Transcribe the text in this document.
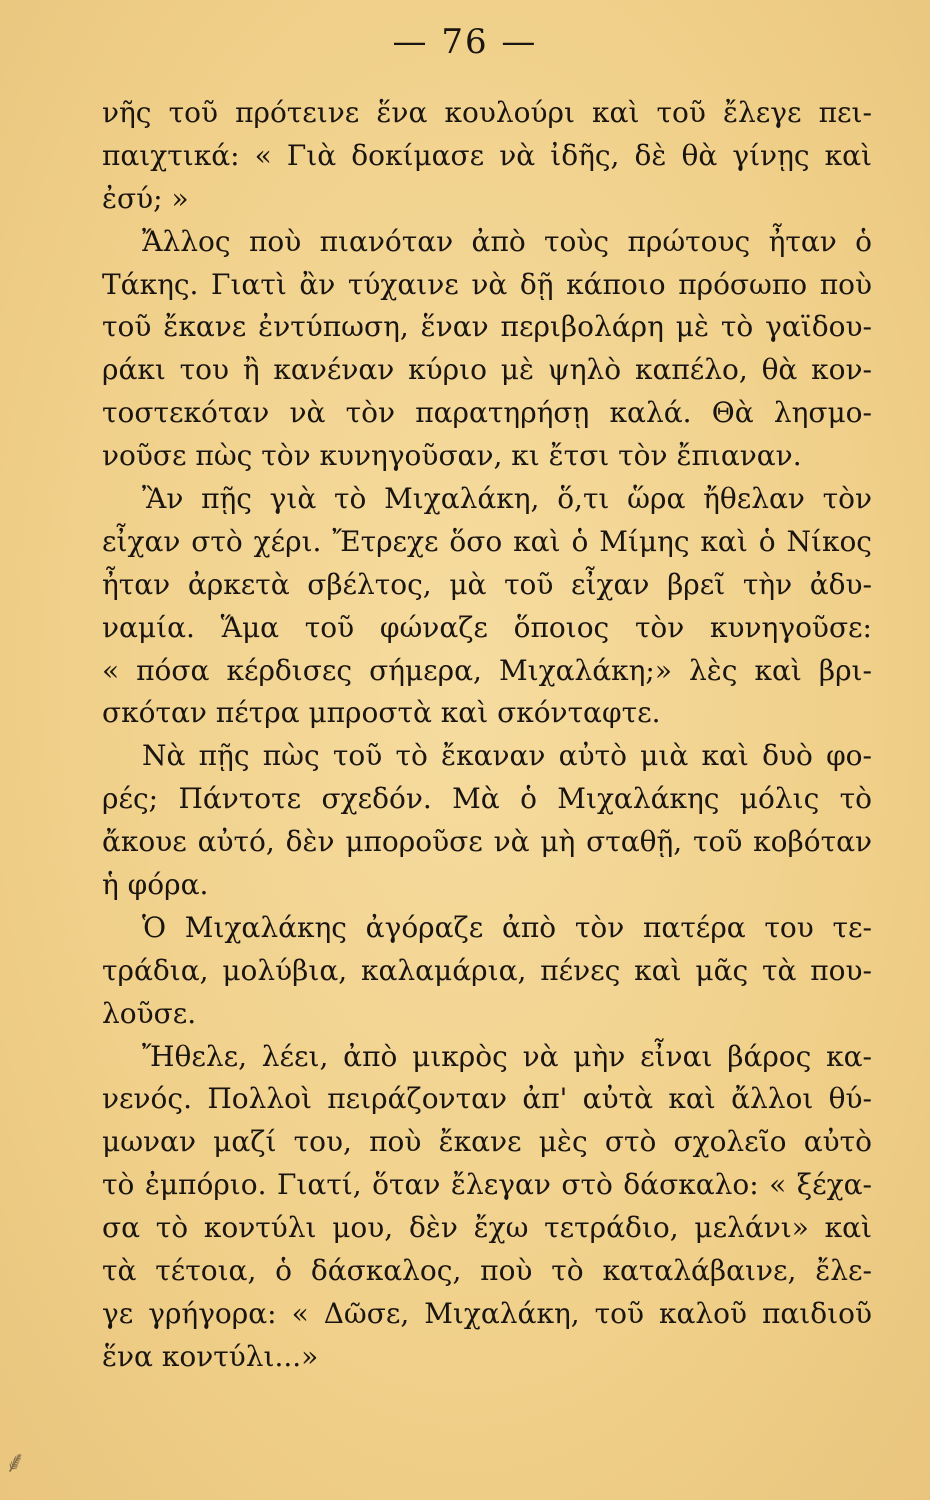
— 76 —
νῆς τοῦ πρότεινε ἕνα κουλούρι καὶ τοῦ ἔλεγε πει-
παιχτικά: « Γιὰ δοκίμασε νὰ ἰδῆς, δὲ θὰ γίνῃς καὶ
ἐσύ; »
Ἄλλος ποὺ πιανόταν ἀπὸ τοὺς πρώτους ἦταν ὁ
Τάκης. Γιατὶ ἂν τύχαινε νὰ δῇ κάποιο πρόσωπο ποὺ
τοῦ ἔκανε ἐντύπωση, ἕναν περιβολάρη μὲ τὸ γαϊδου-
ράκι του ἢ κανέναν κύριο μὲ ψηλὸ καπέλο, θὰ κον-
τοστεκόταν νὰ τὸν παρατηρήσῃ καλά. Θὰ λησμο-
νοῦσε πὼς τὸν κυνηγοῦσαν, κι ἔτσι τὸν ἔπιαναν.
Ἂν πῇς γιὰ τὸ Μιχαλάκη, ὅ,τι ὥρα ἤθελαν τὸν
εἶχαν στὸ χέρι. Ἔτρεχε ὅσο καὶ ὁ Μίμης καὶ ὁ Νίκος
ἦταν ἀρκετὰ σβέλτος, μὰ τοῦ εἶχαν βρεῖ τὴν ἀδυ-
ναμία. Ἅμα τοῦ φώναζε ὅποιος τὸν κυνηγοῦσε:
« πόσα κέρδισες σήμερα, Μιχαλάκη;» λὲς καὶ βρι-
σκόταν πέτρα μπροστὰ καὶ σκόνταφτε.
Νὰ πῇς πὼς τοῦ τὸ ἔκαναν αὐτὸ μιὰ καὶ δυὸ φο-
ρές; Πάντοτε σχεδόν. Μὰ ὁ Μιχαλάκης μόλις τὸ
ἄκουε αὐτό, δὲν μποροῦσε νὰ μὴ σταθῇ, τοῦ κοβόταν
ἡ φόρα.
Ὁ Μιχαλάκης ἀγόραζε ἀπὸ τὸν πατέρα του τε-
τράδια, μολύβια, καλαμάρια, πένες καὶ μᾶς τὰ που-
λοῦσε.
Ἤθελε, λέει, ἀπὸ μικρὸς νὰ μὴν εἶναι βάρος κα-
νενός. Πολλοὶ πειράζονταν ἀπ' αὐτὰ καὶ ἄλλοι θύ-
μωναν μαζί του, ποὺ ἔκανε μὲς στὸ σχολεῖο αὐτὸ
τὸ ἐμπόριο. Γιατί, ὅταν ἔλεγαν στὸ δάσκαλο: « ξέχα-
σα τὸ κοντύλι μου, δὲν ἔχω τετράδιο, μελάνι» καὶ
τὰ τέτοια, ὁ δάσκαλος, ποὺ τὸ καταλάβαινε, ἔλε-
γε γρήγορα: « Δῶσε, Μιχαλάκη, τοῦ καλοῦ παιδιοῦ
ἕνα κοντύλι...»
⸙
